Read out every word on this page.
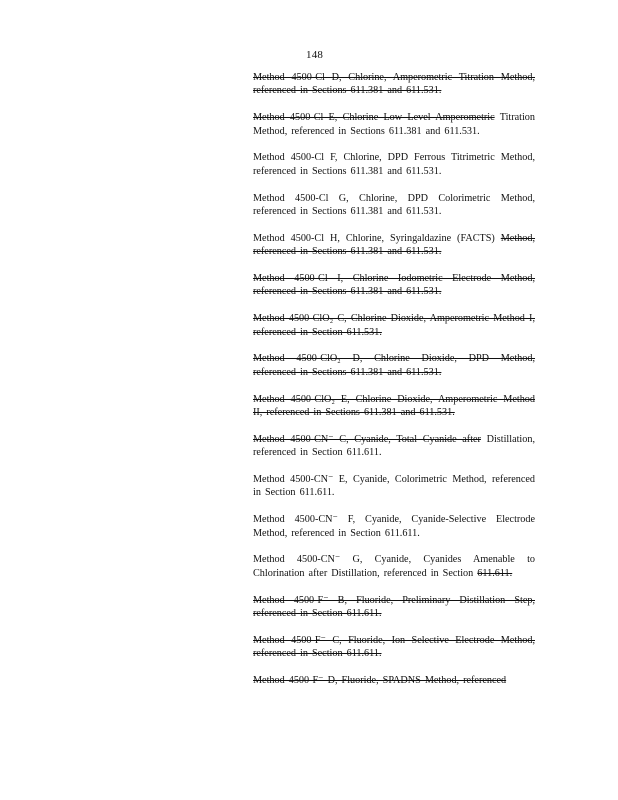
148

Method 4500-Cl D, Chlorine, Amperometric Titration Method, referenced in Sections 611.381 and 611.531.

Method 4500-Cl E, Chlorine Low Level Amperometric Titration Method, referenced in Sections 611.381 and 611.531.

Method 4500-Cl F, Chlorine, DPD Ferrous Titrimetric Method, referenced in Sections 611.381 and 611.531.

Method 4500-Cl G, Chlorine, DPD Colorimetric Method, referenced in Sections 611.381 and 611.531.

Method 4500-Cl H, Chlorine, Syringaldazine (FACTS) Method, referenced in Sections 611.381 and 611.531.

Method 4500-Cl I, Chlorine Iodometric Electrode Method, referenced in Sections 611.381 and 611.531.

Method 4500-ClO₂ C, Chlorine Dioxide, Amperometric Method I, referenced in Section 611.531.

Method 4500-ClO₂ D, Chlorine Dioxide, DPD Method, referenced in Sections 611.381 and 611.531.

Method 4500-ClO₂ E, Chlorine Dioxide, Amperometric Method II, referenced in Sections 611.381 and 611.531.

Method 4500-CN⁻ C, Cyanide, Total Cyanide after Distillation, referenced in Section 611.611.

Method 4500-CN⁻ E, Cyanide, Colorimetric Method, referenced in Section 611.611.

Method 4500-CN⁻ F, Cyanide, Cyanide-Selective Electrode Method, referenced in Section 611.611.

Method 4500-CN⁻ G, Cyanide, Cyanides Amenable to Chlorination after Distillation, referenced in Section 611.611.

Method 4500-F⁻ B, Fluoride, Preliminary Distillation Step, referenced in Section 611.611.

Method 4500-F⁻ C, Fluoride, Ion Selective Electrode Method, referenced in Section 611.611.

Method 4500-F⁻ D, Fluoride, SPADNS Method, referenced
